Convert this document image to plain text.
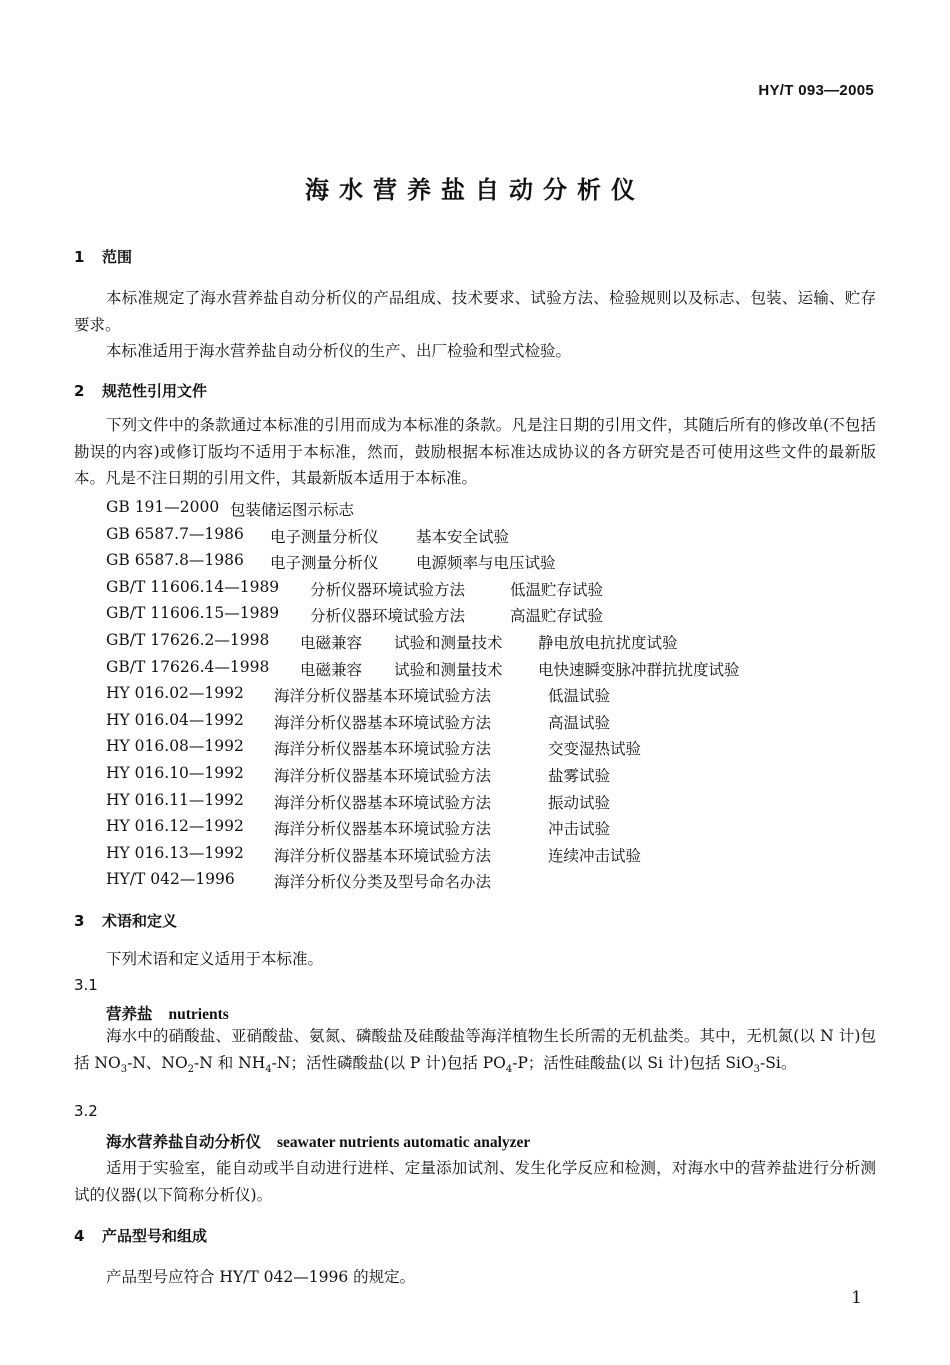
HY/T 093—2005
海水营养盐自动分析仪
1 范围
本标准规定了海水营养盐自动分析仪的产品组成、技术要求、试验方法、检验规则以及标志、包装、运输、贮存要求。
本标准适用于海水营养盐自动分析仪的生产、出厂检验和型式检验。
2 规范性引用文件
下列文件中的条款通过本标准的引用而成为本标准的条款。凡是注日期的引用文件，其随后所有的修改单(不包括勘误的内容)或修订版均不适用于本标准，然而，鼓励根据本标准达成协议的各方研究是否可使用这些文件的最新版本。凡是不注日期的引用文件，其最新版本适用于本标准。
GB 191—2000 包装储运图示标志
GB 6587.7—1986 电子测量分析仪 基本安全试验
GB 6587.8—1986 电子测量分析仪 电源频率与电压试验
GB/T 11606.14—1989 分析仪器环境试验方法	低温贮存试验
GB/T 11606.15—1989 分析仪器环境试验方法	高温贮存试验
GB/T 17626.2—1998 电磁兼容 试验和测量技术 静电放电抗扰度试验
GB/T 17626.4—1998 电磁兼容 试验和测量技术 电快速瞬变脉冲群抗扰度试验
HY 016.02—1992 海洋分析仪器基本环境试验方法	低温试验
HY 016.04—1992 海洋分析仪器基本环境试验方法	高温试验
HY 016.08—1992 海洋分析仪器基本环境试验方法	交变湿热试验
HY 016.10—1992 海洋分析仪器基本环境试验方法	盐雾试验
HY 016.11—1992 海洋分析仪器基本环境试验方法	振动试验
HY 016.12—1992 海洋分析仪器基本环境试验方法	冲击试验
HY 016.13—1992 海洋分析仪器基本环境试验方法	连续冲击试验
HY/T 042—1996	海洋分析仪分类及型号命名办法
3 术语和定义
下列术语和定义适用于本标准。
3.1
营养盐 nutrients
海水中的硝酸盐、亚硝酸盐、氨氮、磷酸盐及硅酸盐等海洋植物生长所需的无机盐类。其中，无机氮(以 N 计)包括 $NO_3-N$、$NO_2-N$ 和 $NH_4-N$；活性磷酸盐(以 P 计)包括 $PO_4-P$；活性硅酸盐(以 Si 计)包括 SiO$_3$-Si。
3.2
海水营养盐自动分析仪 seawater nutrients automatic analyzer
适用于实验室，能自动或半自动进行进样、定量添加试剂、发生化学反应和检测，对海水中的营养盐进行分析测试的仪器(以下简称分析仪)。
4 产品型号和组成
产品型号应符合 HY/T 042—1996 的规定。
1
